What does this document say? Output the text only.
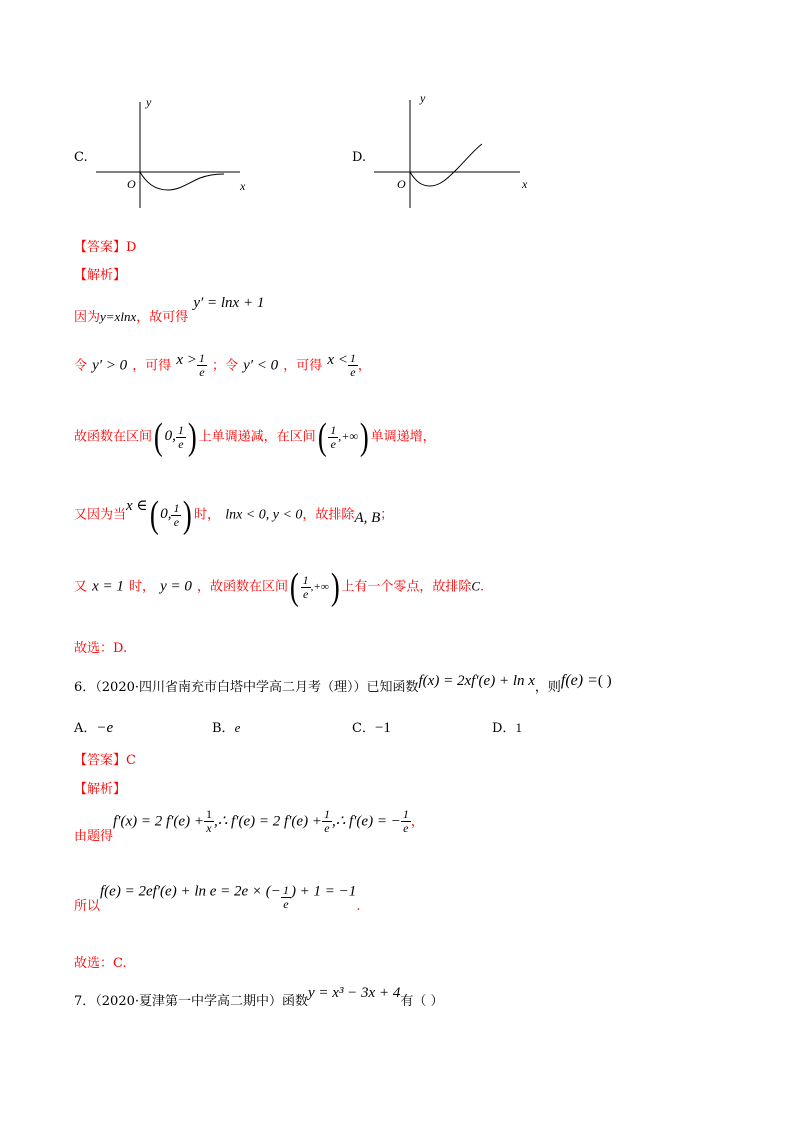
C.
y
x
O
D.
y
x
O
【答案】D
【解析】
$_{因为y=xlnx,故可得}$ y′ = lnx + 1
令 y′ > 0 ，可得 $x > \frac{1}{e}$ ；令 y′ < 0 ，可得 $x < \frac{1}{e}$ ，
故函数在区间( 0, $\frac{1}{e}$ ) 上单调递减，在区间( $\frac{1}{e}$ ,+∞) 单调递增，
又因为当x ∈( 0, $\frac{1}{e}$ ) 时， lnx < 0, y < 0，故排除A, B；
又 x = 1 时， y = 0 ，故函数在区间( $\frac{1}{e}$ ,+∞) 上有一个零点，故排除C.
故选：D.
$_{6.(2020\cdot 四川省南充市白塔中学高二月考(理))已知函数}f(x) = 2xf'(e) + \ln x_{,则}f(e)$ =( )
A．−e	B．e	C．−1	D．1
【答案】C
【解析】
$_{由题得}$f′(x) = 2 $f'(e) + \frac{1}{x}$ ,∴ f′(e) = 2 $f'(e) + \frac{1}{e}$ ,∴ f′(e) = − $\frac{1}{e}$ ，
$_{所以}$f(e) = 2ef′(e) + ln e = 2e × (− $\frac{1}{e}$ ) + $1 = -1_.$
故选：C.
$_{7.(2020\cdot 夏津第一中学高二期中)函数}y = x^3 - 3x + 4_{有( )}$
